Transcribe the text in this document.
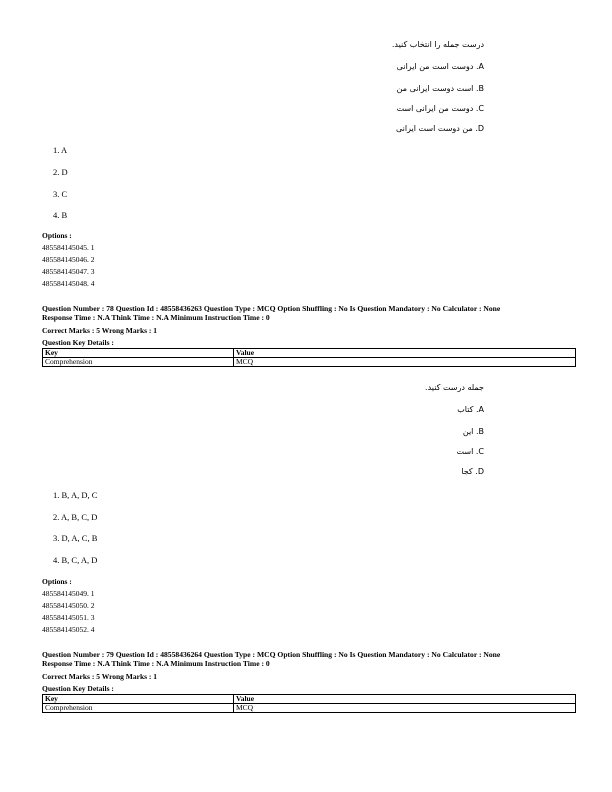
درست جمله را انتخاب کنید.
A. دوست است من ایرانی
B. است دوست ایرانی من
C. دوست من ایرانی است
D. من دوست است ایرانی
1. A
2. D
3. C
4. B
Options :
485584145045. 1
485584145046. 2
485584145047. 3
485584145048. 4
Question Number : 78 Question Id : 48558436263 Question Type : MCQ Option Shuffling : No Is Question Mandatory : No Calculator : None
Response Time : N.A Think Time : N.A Minimum Instruction Time : 0
Correct Marks : 5 Wrong Marks : 1
Question Key Details :
Key	Value
Comprehension	MCQ
جمله درست کنید.
A. کتاب
B. این
C. است
D. کجا
1. B, A, D, C
2. A, B, C, D
3. D, A, C, B
4. B, C, A, D
Options :
485584145049. 1
485584145050. 2
485584145051. 3
485584145052. 4
Question Number : 79 Question Id : 48558436264 Question Type : MCQ Option Shuffling : No Is Question Mandatory : No Calculator : None
Response Time : N.A Think Time : N.A Minimum Instruction Time : 0
Correct Marks : 5 Wrong Marks : 1
Question Key Details :
Key	Value
Comprehension	MCQ
